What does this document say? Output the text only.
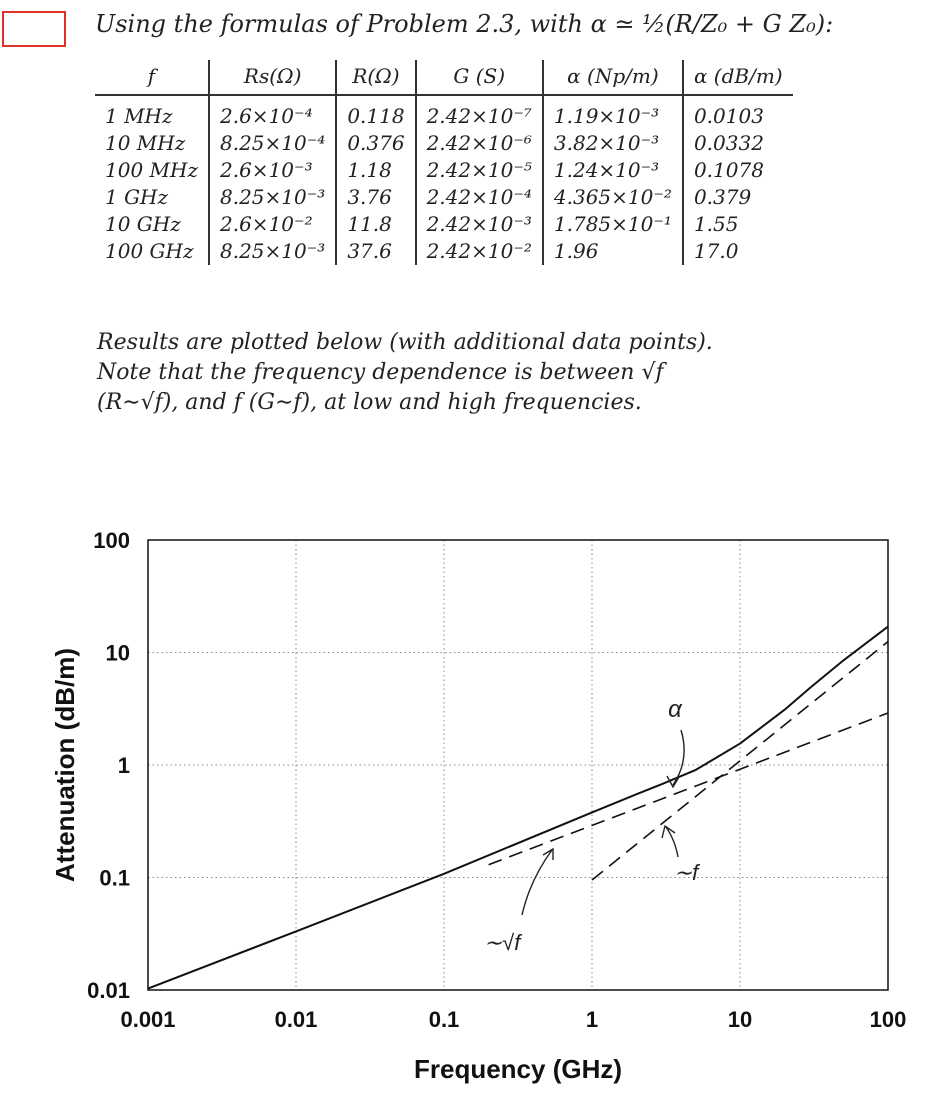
Using the formulas of Problem 2.3, with α ≃ ½(R/Z₀ + G Z₀):
f	Rs(Ω)	R(Ω)	G (S)	α (Np/m)	α (dB/m)
1 MHz	2.6×10⁻⁴	0.118	2.42×10⁻⁷	1.19×10⁻³	0.0103
10 MHz	8.25×10⁻⁴	0.376	2.42×10⁻⁶	3.82×10⁻³	0.0332
100 MHz	2.6×10⁻³	1.18	2.42×10⁻⁵	1.24×10⁻³	0.1078
1 GHz	8.25×10⁻³	3.76	2.42×10⁻⁴	4.365×10⁻²	0.379
10 GHz	2.6×10⁻²	11.8	2.42×10⁻³	1.785×10⁻¹	1.55
100 GHz	8.25×10⁻³	37.6	2.42×10⁻²	1.96	17.0
Results are plotted below (with additional data points).
Note that the frequency dependence is between √f
(R∼√f), and f (G∼f), at low and high frequencies.
0.001	0.01	0.1	1	10	100
0.01
0.1
1
10
100
Frequency (GHz)
Attenuation (dB/m)	α
∼√f
∼f
